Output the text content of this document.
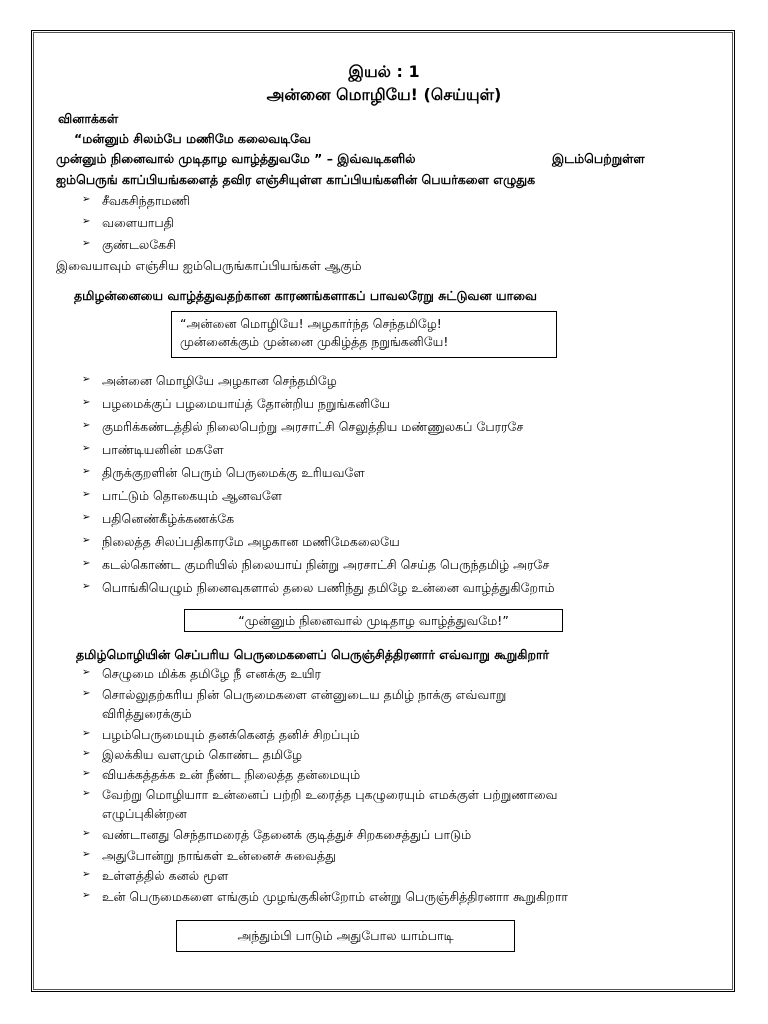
இயல் : 1
அன்னை மொழியே! (செய்யுள்)
வினாக்கள்
“மன்னும் சிலம்பே மணிமே கலைவடிவே
முன்னும் நினைவால் முடிதாழ வாழ்த்துவமே ” – இவ்வடிகளில்	இடம்பெற்றுள்ள
ஐம்பெருங் காப்பியங்களைத் தவிர எஞ்சியுள்ள காப்பியங்களின் பெயர்களை எழுதுக
➢ சீவகசிந்தாமணி
➢ வளையாபதி
➢ குண்டலகேசி
இவையாவும் எஞ்சிய ஐம்பெருங்காப்பியங்கள் ஆகும்
தமிழன்னையை வாழ்த்துவதற்கான காரணங்களாகப் பாவலரேறு சுட்டுவன யாவை
“அன்னை மொழியே! அழகார்ந்த செந்தமிழே!
முன்னைக்கும் முன்னை முகிழ்த்த நறுங்கனியே!
➢ அன்னை மொழியே அழகான செந்தமிழே
➢ பழமைக்குப் பழமையாய்த் தோன்றிய நறுங்கனியே
➢ குமரிக்கண்டத்தில் நிலைபெற்று அரசாட்சி செலுத்திய மண்ணுலகப் பேரரசே
➢ பாண்டியனின் மகளே
➢ திருக்குறளின் பெரும் பெருமைக்கு உரியவளே
➢ பாட்டும் தொகையும் ஆனவளே
➢ பதினெண்கீழ்க்கணக்கே
➢ நிலைத்த சிலப்பதிகாரமே அழகான மணிமேகலையே
➢ கடல்கொண்ட குமரியில் நிலையாய் நின்று அரசாட்சி செய்த பெருந்தமிழ் அரசே
➢ பொங்கியெழும் நினைவுகளால் தலை பணிந்து தமிழே உன்னை வாழ்த்துகிறோம்
“முன்னும் நினைவால் முடிதாழ வாழ்த்துவமே!”
தமிழ்மொழியின் செப்பரிய பெருமைகளைப் பெருஞ்சித்திரனார் எவ்வாறு கூறுகிறார்
➢ செழுமை மிக்க தமிழே நீ எனக்கு உயிர
➢ சொல்லுதற்கரிய நின் பெருமைகளை என்னுடைய தமிழ் நாக்கு எவ்வாறு
விரித்துரைக்கும்
➢ பழம்பெருமையும் தனக்கெனத் தனிச் சிறப்பும்
➢ இலக்கிய வளமும் கொண்ட தமிழே
➢ வியக்கத்தக்க உன் நீண்ட நிலைத்த தன்மையும்
➢ வேற்று மொழியாா உன்னைப் பற்றி உரைத்த புகழுரையும் எமக்குள் பற்றுணாவை
எழுப்புகின்றன
➢ வண்டானது செந்தாமரைத் தேனைக் குடித்துச் சிறகசைத்துப் பாடும்
➢ அதுபோன்று நாங்கள் உன்னைச் சுவைத்து
➢ உள்ளத்தில் கனல் மூள
➢ உன் பெருமைகளை எங்கும் முழங்குகின்றோம் என்று பெருஞ்சித்திரனாா கூறுகிறாா
அந்தும்பி பாடும் அதுபோல யாம்பாடி
